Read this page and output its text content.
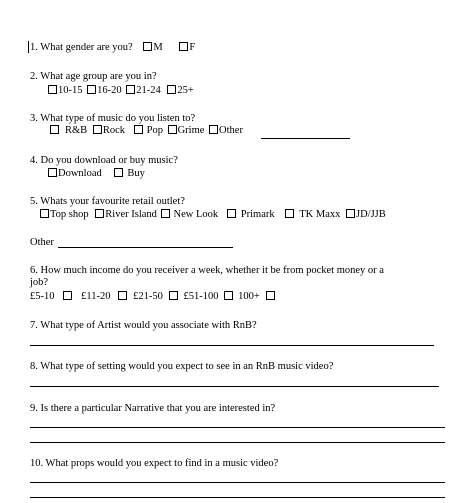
1. What gender are you? M	F
2. What age group are you in?
10-15 16-20 21-24 25+
3. What type of music do you listen to?
R&B Rock Pop Grime Other
4. Do you download or buy music?
Download Buy
5. Whats your favourite retail outlet?
Top shop River Island New Look Primark TK Maxx JD/JJB
Other
6. How much income do you receiver a week, whether it be from pocket money or a
job?
£5-10	£11-20 £21-50 £51-100 100+
7. What type of Artist would you associate with RnB?
8. What type of setting would you expect to see in an RnB music video?
9. Is there a particular Narrative that you are interested in?
10. What props would you expect to find in a music video?
